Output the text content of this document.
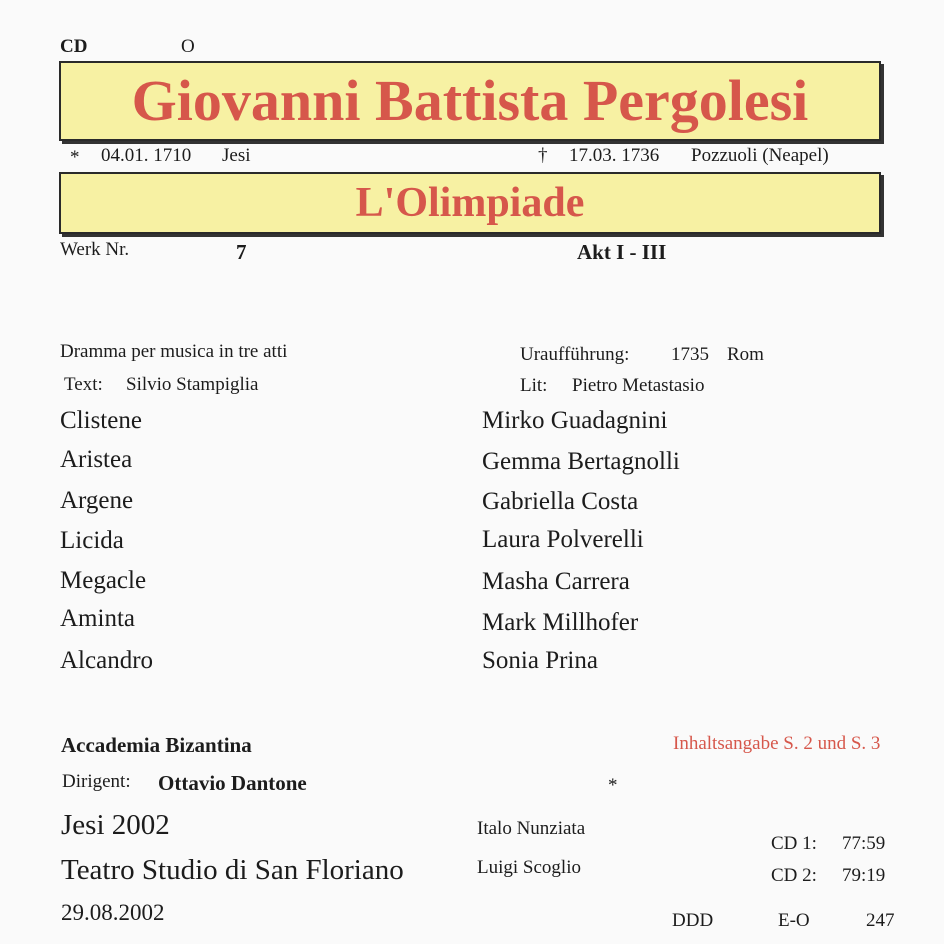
CD	O
Giovanni Battista Pergolesi
* 04.01. 1710 Jesi	† 17.03. 1736 Pozzuoli (Neapel)
L'Olimpiade
Werk Nr.	7	Akt I - III
Dramma per musica in tre atti
Text: Silvio Stampiglia
Uraufführung: 1735 Rom
Lit: Pietro Metastasio
Clistene	Mirko Guadagnini
Aristea	Gemma Bertagnolli
Argene	Gabriella Costa
Licida	Laura Polverelli
Megacle	Masha Carrera
Aminta	Mark Millhofer
Alcandro	Sonia Prina
Accademia Bizantina	Inhaltsangabe S. 2 und S. 3
Dirigent: Ottavio Dantone	*
Jesi 2002	Italo Nunziata
Teatro Studio di San Floriano	Luigi Scoglio
29.08.2002
CD 1: 77:59
CD 2: 79:19
DDD	E-O	247
